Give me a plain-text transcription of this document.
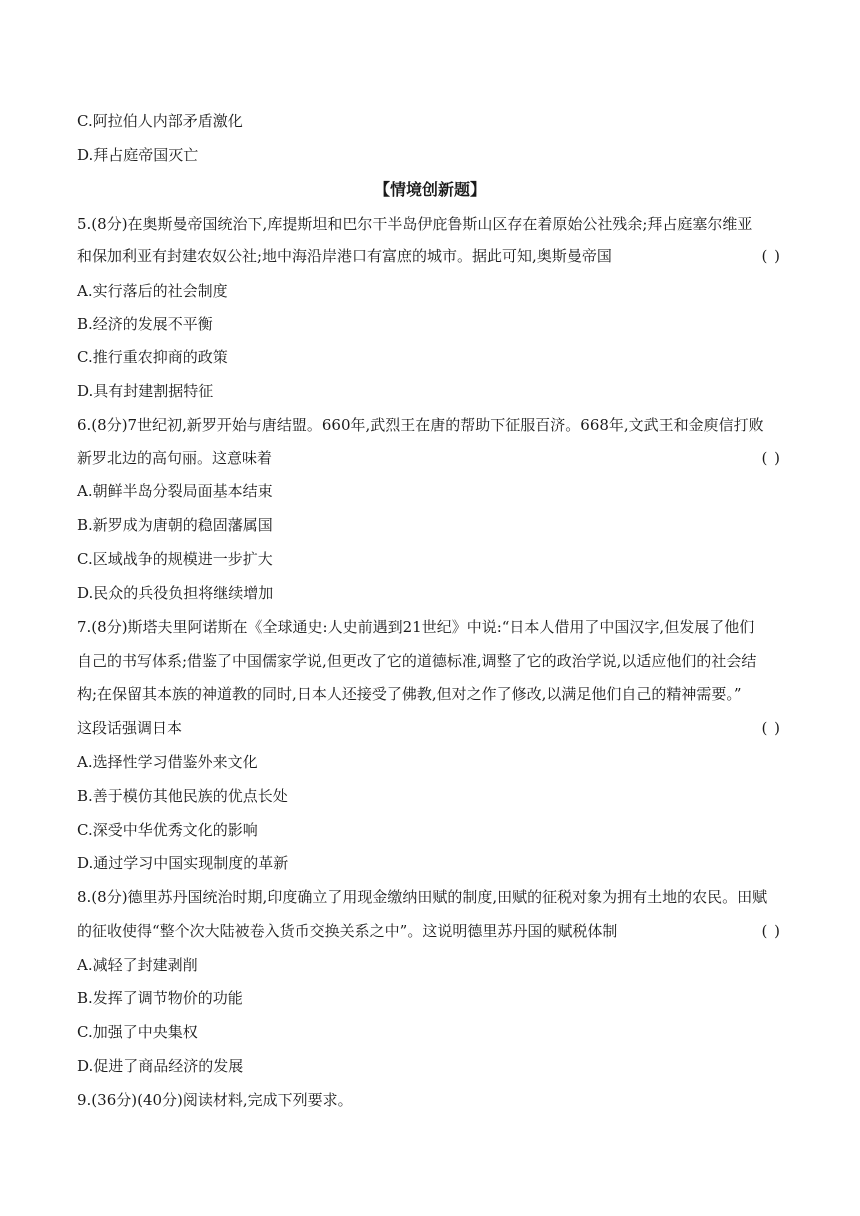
C.阿拉伯人内部矛盾激化
D.拜占庭帝国灭亡
【情境创新题】
5.(8分)在奥斯曼帝国统治下,库提斯坦和巴尔干半岛伊庇鲁斯山区存在着原始公社残余;拜占庭塞尔维亚
和保加利亚有封建农奴公社;地中海沿岸港口有富庶的城市。据此可知,奥斯曼帝国	( )
A.实行落后的社会制度
B.经济的发展不平衡
C.推行重农抑商的政策
D.具有封建割据特征
6.(8分)7世纪初,新罗开始与唐结盟。660年,武烈王在唐的帮助下征服百济。668年,文武王和金庾信打败
新罗北边的高句丽。这意味着	( )
A.朝鲜半岛分裂局面基本结束
B.新罗成为唐朝的稳固藩属国
C.区域战争的规模进一步扩大
D.民众的兵役负担将继续增加
7.(8分)斯塔夫里阿诺斯在《全球通史:人史前遇到21世纪》中说:“日本人借用了中国汉字,但发展了他们
自己的书写体系;借鉴了中国儒家学说,但更改了它的道德标准,调整了它的政治学说,以适应他们的社会结
构;在保留其本族的神道教的同时,日本人还接受了佛教,但对之作了修改,以满足他们自己的精神需要。”
这段话强调日本	( )
A.选择性学习借鉴外来文化
B.善于模仿其他民族的优点长处
C.深受中华优秀文化的影响
D.通过学习中国实现制度的革新
8.(8分)德里苏丹国统治时期,印度确立了用现金缴纳田赋的制度,田赋的征税对象为拥有土地的农民。田赋
的征收使得“整个次大陆被卷入货币交换关系之中”。这说明德里苏丹国的赋税体制	( )
A.减轻了封建剥削
B.发挥了调节物价的功能
C.加强了中央集权
D.促进了商品经济的发展
9.(36分)(40分)阅读材料,完成下列要求。
